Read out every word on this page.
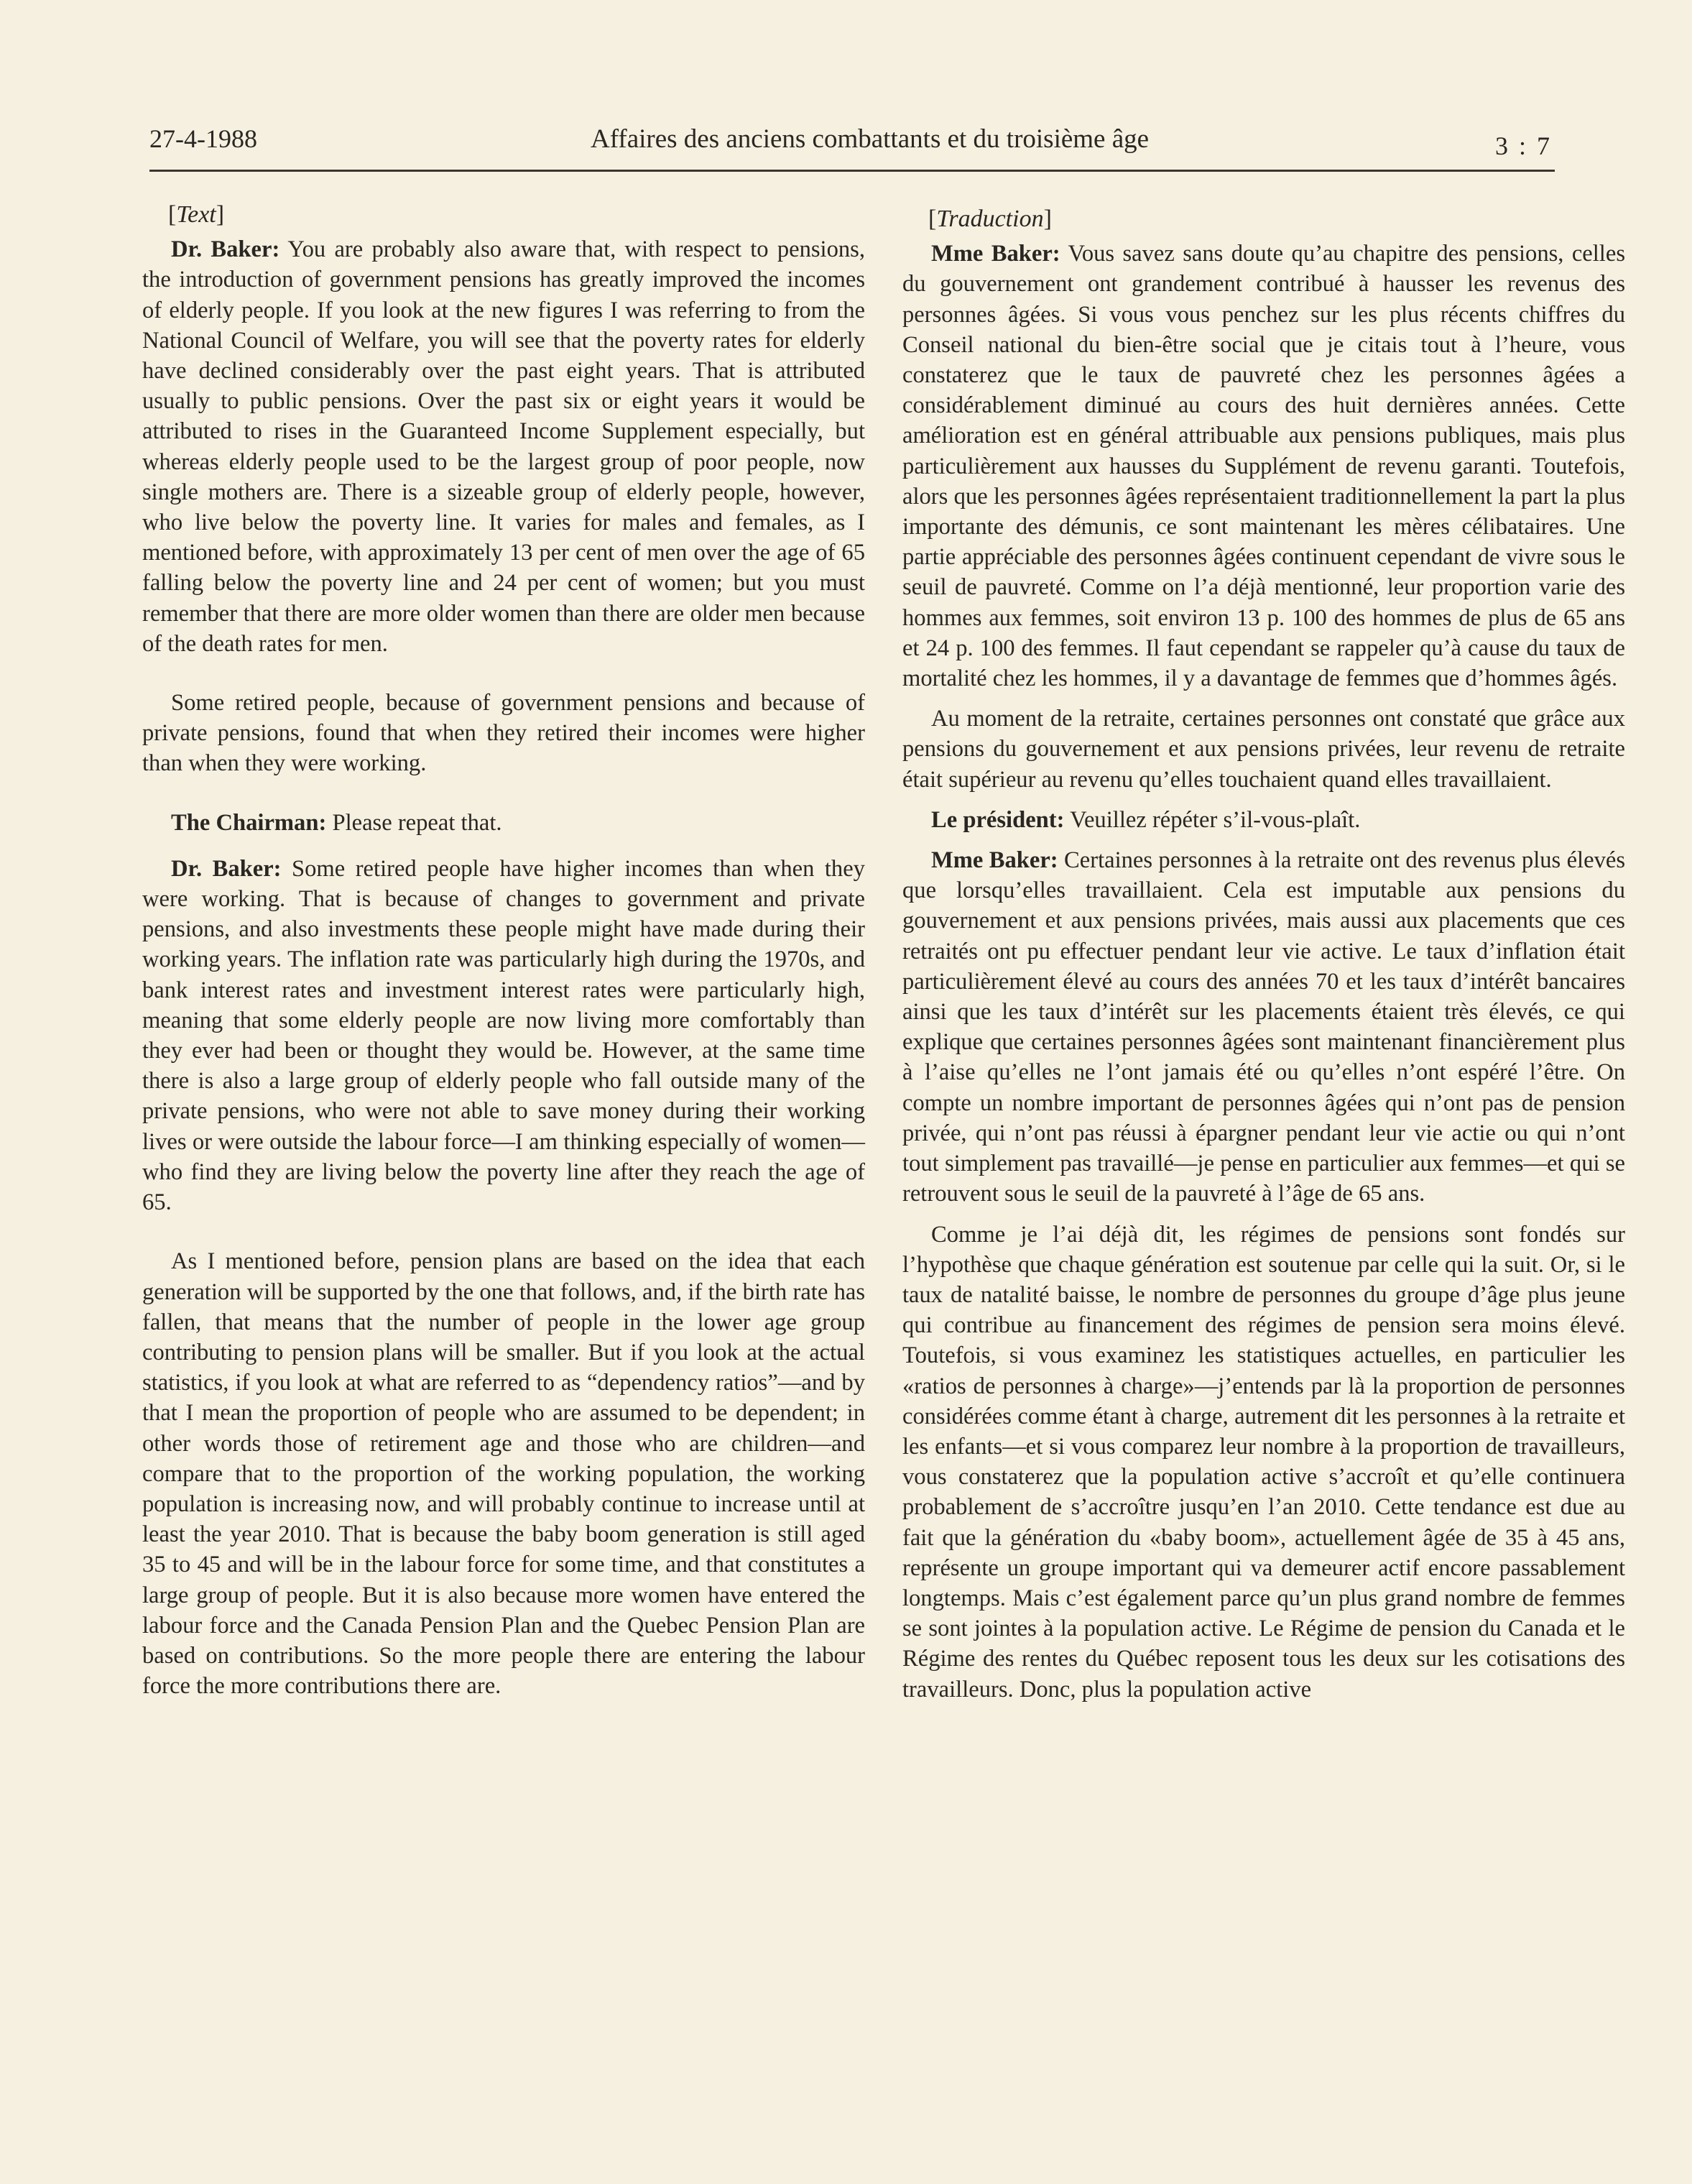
27-4-1988	Affaires des anciens combattants et du troisième âge	3 : 7
[Text]

Dr. Baker: You are probably also aware that, with respect to pensions, the introduction of government pensions has greatly improved the incomes of elderly people. If you look at the new figures I was referring to from the National Council of Welfare, you will see that the poverty rates for elderly have declined considerably over the past eight years. That is attributed usually to public pensions. Over the past six or eight years it would be attributed to rises in the Guaranteed Income Supplement especially, but whereas elderly people used to be the largest group of poor people, now single mothers are. There is a sizeable group of elderly people, however, who live below the poverty line. It varies for males and females, as I mentioned before, with approximately 13 per cent of men over the age of 65 falling below the poverty line and 24 per cent of women; but you must remember that there are more older women than there are older men because of the death rates for men.

Some retired people, because of government pensions and because of private pensions, found that when they retired their incomes were higher than when they were working.

The Chairman: Please repeat that.

Dr. Baker: Some retired people have higher incomes than when they were working. That is because of changes to government and private pensions, and also investments these people might have made during their working years. The inflation rate was particularly high during the 1970s, and bank interest rates and investment interest rates were particularly high, meaning that some elderly people are now living more comfortably than they ever had been or thought they would be. However, at the same time there is also a large group of elderly people who fall outside many of the private pensions, who were not able to save money during their working lives or were outside the labour force—I am thinking especially of women—who find they are living below the poverty line after they reach the age of 65.

As I mentioned before, pension plans are based on the idea that each generation will be supported by the one that follows, and, if the birth rate has fallen, that means that the number of people in the lower age group contributing to pension plans will be smaller. But if you look at the actual statistics, if you look at what are referred to as “dependency ratios”—and by that I mean the proportion of people who are assumed to be dependent; in other words those of retirement age and those who are children—and compare that to the proportion of the working population, the working population is increasing now, and will probably continue to increase until at least the year 2010. That is because the baby boom generation is still aged 35 to 45 and will be in the labour force for some time, and that constitutes a large group of people. But it is also because more women have entered the labour force and the Canada Pension Plan and the Quebec Pension Plan are based on contributions. So the more people there are entering the labour force the more contributions there are.

[Traduction]

Mme Baker: Vous savez sans doute qu’au chapitre des pensions, celles du gouvernement ont grandement contribué à hausser les revenus des personnes âgées. Si vous vous penchez sur les plus récents chiffres du Conseil national du bien-être social que je citais tout à l’heure, vous constaterez que le taux de pauvreté chez les personnes âgées a considérablement diminué au cours des huit dernières années. Cette amélioration est en général attribuable aux pensions publiques, mais plus particulièrement aux hausses du Supplément de revenu garanti. Toutefois, alors que les personnes âgées représentaient traditionnellement la part la plus importante des démunis, ce sont maintenant les mères célibataires. Une partie appréciable des personnes âgées continuent cependant de vivre sous le seuil de pauvreté. Comme on l’a déjà mentionné, leur proportion varie des hommes aux femmes, soit environ 13 p. 100 des hommes de plus de 65 ans et 24 p. 100 des femmes. Il faut cependant se rappeler qu’à cause du taux de mortalité chez les hommes, il y a davantage de femmes que d’hommes âgés.

Au moment de la retraite, certaines personnes ont constaté que grâce aux pensions du gouvernement et aux pensions privées, leur revenu de retraite était supérieur au revenu qu’elles touchaient quand elles travaillaient.

Le président: Veuillez répéter s’il-vous-plaît.

Mme Baker: Certaines personnes à la retraite ont des revenus plus élevés que lorsqu’elles travaillaient. Cela est imputable aux pensions du gouvernement et aux pensions privées, mais aussi aux placements que ces retraités ont pu effectuer pendant leur vie active. Le taux d’inflation était particulièrement élevé au cours des années 70 et les taux d’intérêt bancaires ainsi que les taux d’intérêt sur les placements étaient très élevés, ce qui explique que certaines personnes âgées sont maintenant financièrement plus à l’aise qu’elles ne l’ont jamais été ou qu’elles n’ont espéré l’être. On compte un nombre important de personnes âgées qui n’ont pas de pension privée, qui n’ont pas réussi à épargner pendant leur vie actie ou qui n’ont tout simplement pas travaillé—je pense en particulier aux femmes—et qui se retrouvent sous le seuil de la pauvreté à l’âge de 65 ans.

Comme je l’ai déjà dit, les régimes de pensions sont fondés sur l’hypothèse que chaque génération est soutenue par celle qui la suit. Or, si le taux de natalité baisse, le nombre de personnes du groupe d’âge plus jeune qui contribue au financement des régimes de pension sera moins élevé. Toutefois, si vous examinez les statistiques actuelles, en particulier les «ratios de personnes à charge»—j’entends par là la proportion de personnes considérées comme étant à charge, autrement dit les personnes à la retraite et les enfants—et si vous comparez leur nombre à la proportion de travailleurs, vous constaterez que la population active s’accroît et qu’elle continuera probablement de s’accroître jusqu’en l’an 2010. Cette tendance est due au fait que la génération du «baby boom», actuellement âgée de 35 à 45 ans, représente un groupe important qui va demeurer actif encore passablement longtemps. Mais c’est également parce qu’un plus grand nombre de femmes se sont jointes à la population active. Le Régime de pension du Canada et le Régime des rentes du Québec reposent tous les deux sur les cotisations des travailleurs. Donc, plus la population active
